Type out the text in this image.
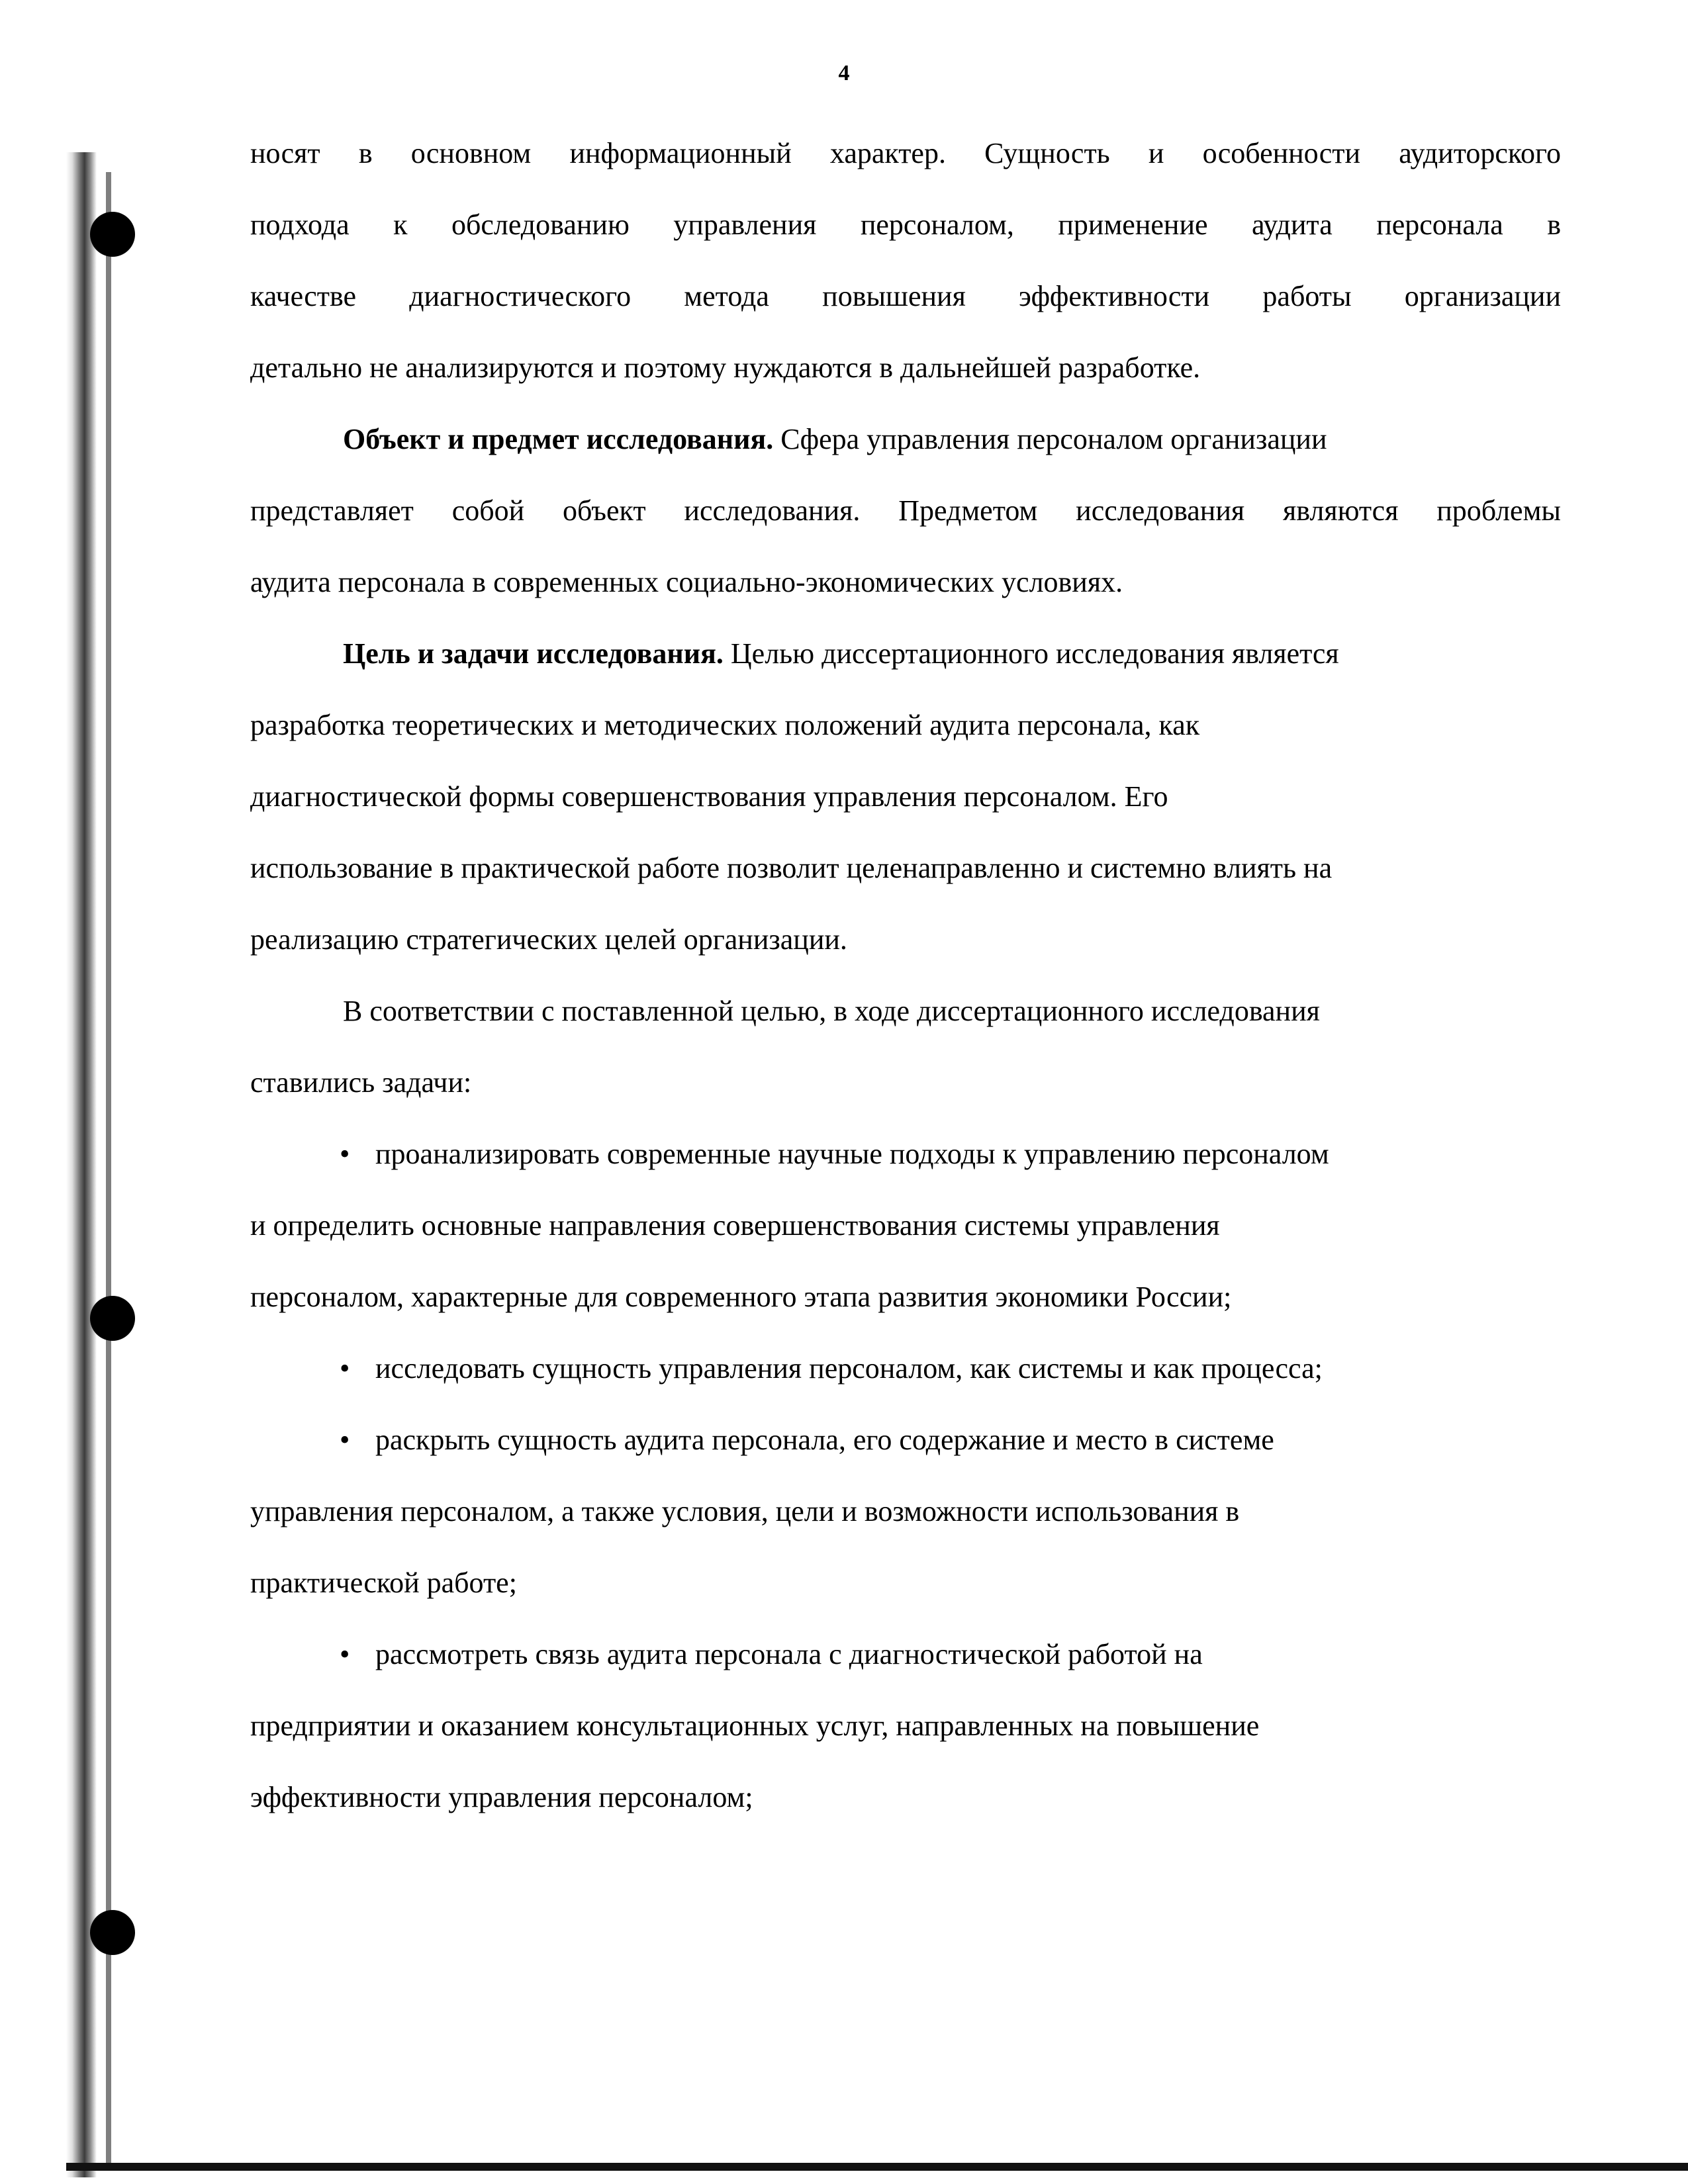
4
носят в основном информационный характер. Сущность и особенности аудиторского
подхода к обследованию управления персоналом, применение аудита персонала в
качестве диагностического метода повышения эффективности работы организации
детально не анализируются и поэтому нуждаются в дальнейшей разработке.
Объект и предмет исследования. Сфера управления персоналом организации
представляет собой объект исследования. Предметом исследования являются проблемы
аудита персонала в современных социально-экономических условиях.
Цель и задачи исследования. Целью диссертационного исследования является
разработка теоретических и методических положений аудита персонала, как
диагностической формы совершенствования управления персоналом. Его
использование в практической работе позволит целенаправленно и системно влиять на
реализацию стратегических целей организации.
В соответствии с поставленной целью, в ходе диссертационного исследования
ставились задачи:
• проанализировать современные научные подходы к управлению персоналом
и определить основные направления совершенствования системы управления
персоналом, характерные для современного этапа развития экономики России;
• исследовать сущность управления персоналом, как системы и как процесса;
• раскрыть сущность аудита персонала, его содержание и место в системе
управления персоналом, а также условия, цели и возможности использования в
практической работе;
• рассмотреть связь аудита персонала с диагностической работой на
предприятии и оказанием консультационных услуг, направленных на повышение
эффективности управления персоналом;
